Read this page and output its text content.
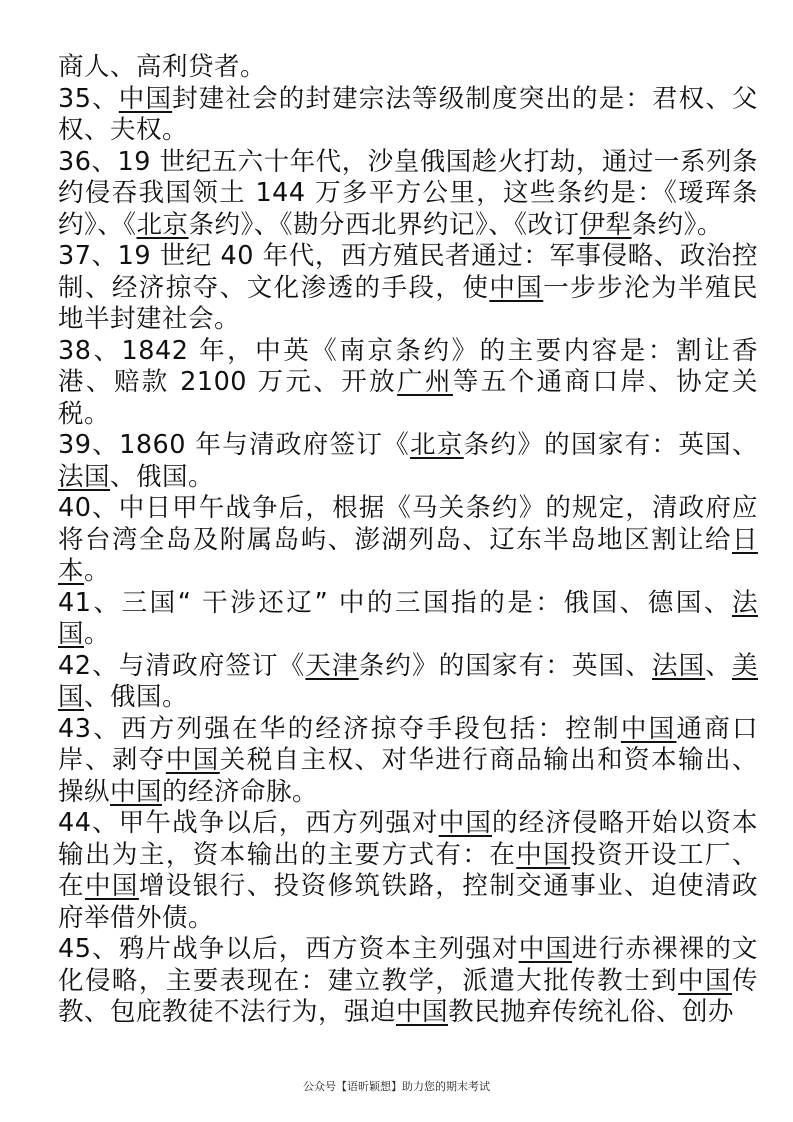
商人、高利贷者。

35、中国封建社会的封建宗法等级制度突出的是：君权、父权、夫权。

36、19 世纪五六十年代，沙皇俄国趁火打劫，通过一系列条约侵吞我国领土 144 万多平方公里，这些条约是：《瑷珲条约》、《北京条约》、《勘分西北界约记》、《改订伊犁条约》。

37、19 世纪 40 年代，西方殖民者通过：军事侵略、政治控制、经济掠夺、文化渗透的手段，使中国一步步沦为半殖民地半封建社会。

38、1842 年，中英《南京条约》的主要内容是：割让香港、赔款 2100 万元、开放广州等五个通商口岸、协定关税。

39、1860 年与清政府签订《北京条约》的国家有：英国、法国、俄国。

40、中日甲午战争后，根据《马关条约》的规定，清政府应将台湾全岛及附属岛屿、澎湖列岛、辽东半岛地区割让给日本。

41、三国“ 干涉还辽” 中的三国指的是：俄国、德国、法国。

42、与清政府签订《天津条约》的国家有：英国、法国、美国、俄国。

43、西方列强在华的经济掠夺手段包括：控制中国通商口岸、剥夺中国关税自主权、对华进行商品输出和资本输出、操纵中国的经济命脉。

44、甲午战争以后，西方列强对中国的经济侵略开始以资本输出为主，资本输出的主要方式有：在中国投资开设工厂、在中国增设银行、投资修筑铁路，控制交通事业、迫使清政府举借外债。

45、鸦片战争以后，西方资本主列强对中国进行赤裸裸的文化侵略，主要表现在：建立教学，派遣大批传教士到中国传教、包庇教徒不法行为，强迫中国教民抛弃传统礼俗、创办

公众号【语昕颖想】助力您的期末考试
